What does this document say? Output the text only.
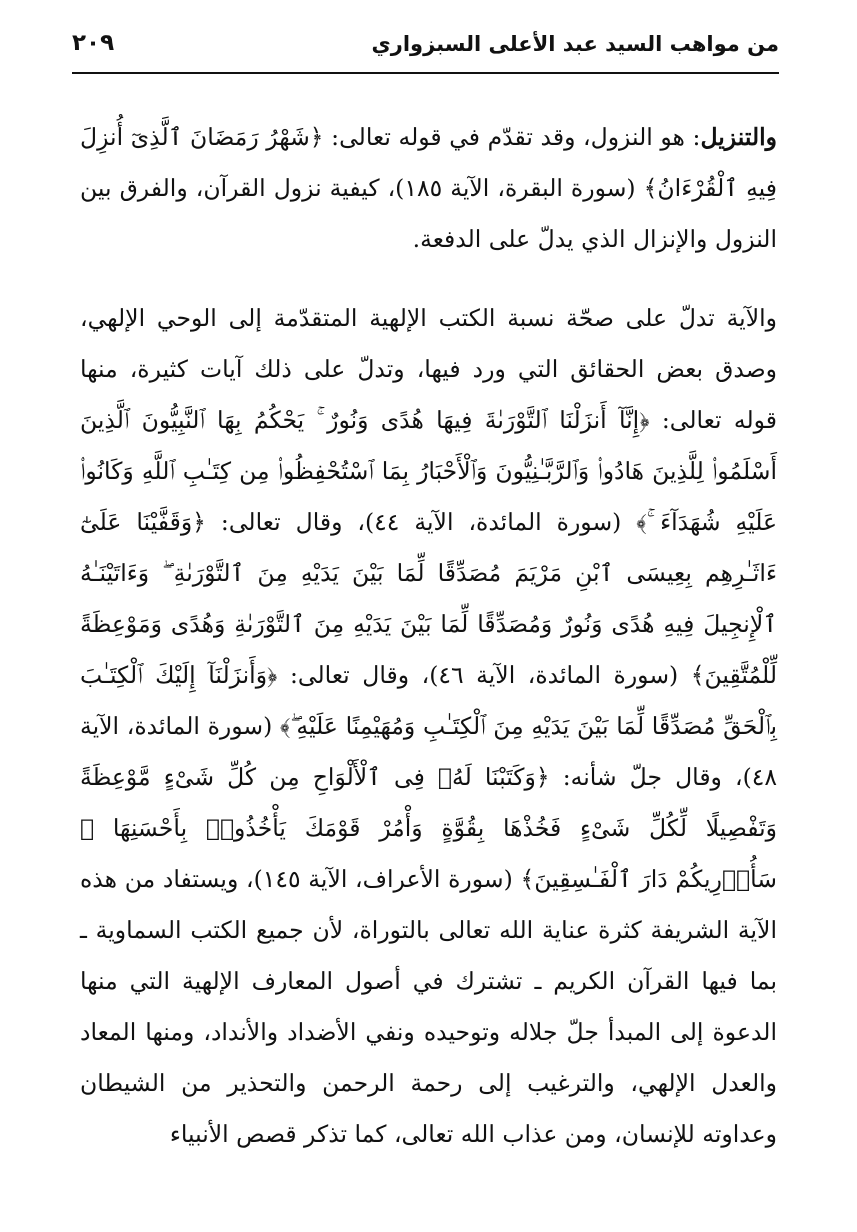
من مواهب السيد عبد الأعلى السبزواري
٢٠٩

والتنزيل: هو النزول، وقد تقدّم في قوله تعالى: ﴿شَهْرُ رَمَضَانَ ٱلَّذِىٓ أُنزِلَ فِيهِ ٱلْقُرْءَانُ﴾ (سورة البقرة، الآية ١٨٥)، كيفية نزول القرآن، والفرق بين النزول والإنزال الذي يدلّ على الدفعة.

والآية تدلّ على صحّة نسبة الكتب الإلهية المتقدّمة إلى الوحي الإلهي، وصدق بعض الحقائق التي ورد فيها، وتدلّ على ذلك آيات كثيرة، منها قوله تعالى: ﴿إِنَّآ أَنزَلْنَا ٱلتَّوْرَىٰةَ فِيهَا هُدًى وَنُورٌ ۚ يَحْكُمُ بِهَا ٱلنَّبِيُّونَ ٱلَّذِينَ أَسْلَمُوا۟ لِلَّذِينَ هَادُوا۟ وَٱلرَّبَّـٰنِيُّونَ وَٱلْأَحْبَارُ بِمَا ٱسْتُحْفِظُوا۟ مِن كِتَـٰبِ ٱللَّهِ وَكَانُوا۟ عَلَيْهِ شُهَدَآءَ ۚ﴾ (سورة المائدة، الآية ٤٤)، وقال تعالى: ﴿وَقَفَّيْنَا عَلَىٰٓ ءَاثَـٰرِهِم بِعِيسَى ٱبْنِ مَرْيَمَ مُصَدِّقًا لِّمَا بَيْنَ يَدَيْهِ مِنَ ٱلتَّوْرَىٰةِ ۖ وَءَاتَيْنَـٰهُ ٱلْإِنجِيلَ فِيهِ هُدًى وَنُورٌ وَمُصَدِّقًا لِّمَا بَيْنَ يَدَيْهِ مِنَ ٱلتَّوْرَىٰةِ وَهُدًى وَمَوْعِظَةً لِّلْمُتَّقِينَ﴾ (سورة المائدة، الآية ٤٦)، وقال تعالى: ﴿وَأَنزَلْنَآ إِلَيْكَ ٱلْكِتَـٰبَ بِٱلْحَقِّ مُصَدِّقًا لِّمَا بَيْنَ يَدَيْهِ مِنَ ٱلْكِتَـٰبِ وَمُهَيْمِنًا عَلَيْهِ ۖ﴾ (سورة المائدة، الآية ٤٨)، وقال جلّ شأنه: ﴿وَكَتَبْنَا لَهُۥ فِى ٱلْأَلْوَاحِ مِن كُلِّ شَىْءٍ مَّوْعِظَةً وَتَفْصِيلًا لِّكُلِّ شَىْءٍ فَخُذْهَا بِقُوَّةٍ وَأْمُرْ قَوْمَكَ يَأْخُذُوا۟ بِأَحْسَنِهَا ۚ سَأُو۟رِيكُمْ دَارَ ٱلْفَـٰسِقِينَ﴾ (سورة الأعراف، الآية ١٤٥)، ويستفاد من هذه الآية الشريفة كثرة عناية الله تعالى بالتوراة، لأن جميع الكتب السماوية ـ بما فيها القرآن الكريم ـ تشترك في أصول المعارف الإلهية التي منها الدعوة إلى المبدأ جلّ جلاله وتوحيده ونفي الأضداد والأنداد، ومنها المعاد والعدل الإلهي، والترغيب إلى رحمة الرحمن والتحذير من الشيطان وعداوته للإنسان، ومن عذاب الله تعالى، كما تذكر قصص الأنبياء
